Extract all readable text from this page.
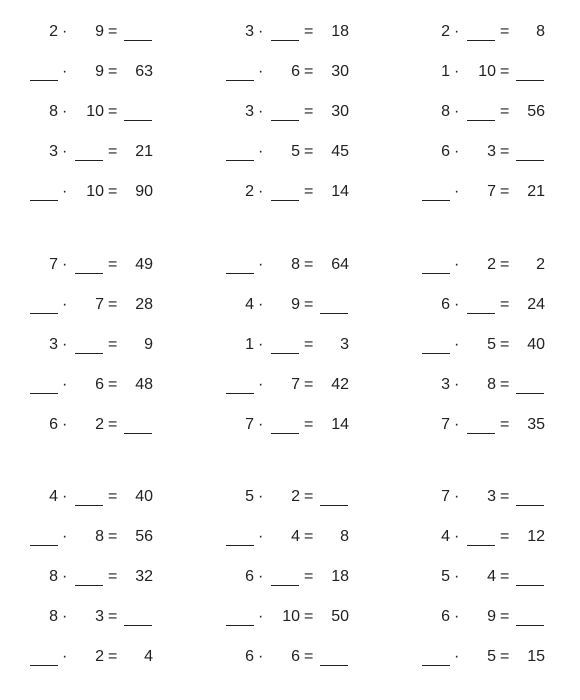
2 · 9 =	3 ·	= 18	2 ·	= 8
· 9 = 63	· 6 = 30	1 · 10 =
8 · 10 =	3 ·	= 30	8 ·	= 56
3 ·	= 21	· 5 = 45	6 · 3 =
· 10 = 90	2 ·	= 14	· 7 = 21
7 ·	= 49	· 8 = 64	· 2 = 2
· 7 = 28	4 · 9 =	6 ·	= 24
3 ·	= 9	1 ·	= 3	· 5 = 40
· 6 = 48	· 7 = 42	3 · 8 =
6 · 2 =	7 ·	= 14	7 ·	= 35
4 ·	= 40	5 · 2 =	7 · 3 =
· 8 = 56	· 4 = 8	4 ·	= 12
8 ·	= 32	6 ·	= 18	5 · 4 =
8 · 3 =	· 10 = 50	6 · 9 =
· 2 = 4	6 · 6 =	· 5 = 15
